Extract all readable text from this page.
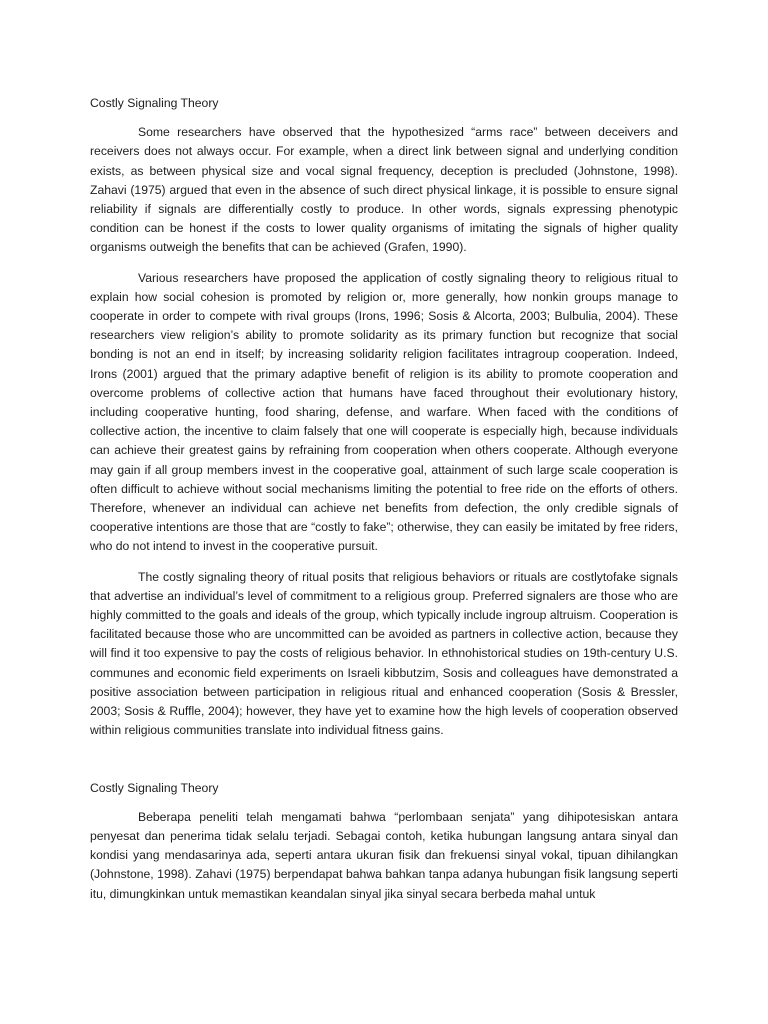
Costly Signaling Theory

Some researchers have observed that the hypothesized “arms race” between deceivers and receivers does not always occur. For example, when a direct link between signal and underlying condition exists, as between physical size and vocal signal frequency, deception is precluded (Johnstone, 1998). Zahavi (1975) argued that even in the absence of such direct physical linkage, it is possible to ensure signal reliability if signals are differentially costly to produce. In other words, signals expressing phenotypic condition can be honest if the costs to lower quality organisms of imitating the signals of higher quality organisms outweigh the benefits that can be achieved (Grafen, 1990).

Various researchers have proposed the application of costly signaling theory to religious ritual to explain how social cohesion is promoted by religion or, more generally, how nonkin groups manage to cooperate in order to compete with rival groups (Irons, 1996; Sosis & Alcorta, 2003; Bulbulia, 2004). These researchers view religion’s ability to promote solidarity as its primary function but recognize that social bonding is not an end in itself; by increasing solidarity religion facilitates intragroup cooperation. Indeed, Irons (2001) argued that the primary adaptive benefit of religion is its ability to promote cooperation and overcome problems of collective action that humans have faced throughout their evolutionary history, including cooperative hunting, food sharing, defense, and warfare. When faced with the conditions of collective action, the incentive to claim falsely that one will cooperate is especially high, because individuals can achieve their greatest gains by refraining from cooperation when others cooperate. Although everyone may gain if all group members invest in the cooperative goal, attainment of such large scale cooperation is often difficult to achieve without social mechanisms limiting the potential to free ride on the efforts of others. Therefore, whenever an individual can achieve net benefits from defection, the only credible signals of cooperative intentions are those that are “costly to fake”; otherwise, they can easily be imitated by free riders, who do not intend to invest in the cooperative pursuit.

The costly signaling theory of ritual posits that religious behaviors or rituals are costlytofake signals that advertise an individual’s level of commitment to a religious group. Preferred signalers are those who are highly committed to the goals and ideals of the group, which typically include ingroup altruism. Cooperation is facilitated because those who are uncommitted can be avoided as partners in collective action, because they will find it too expensive to pay the costs of religious behavior. In ethnohistorical studies on 19th-century U.S. communes and economic field experiments on Israeli kibbutzim, Sosis and colleagues have demonstrated a positive association between participation in religious ritual and enhanced cooperation (Sosis & Bressler, 2003; Sosis & Ruffle, 2004); however, they have yet to examine how the high levels of cooperation observed within religious communities translate into individual fitness gains.

Costly Signaling Theory

Beberapa peneliti telah mengamati bahwa “perlombaan senjata” yang dihipotesiskan antara penyesat dan penerima tidak selalu terjadi. Sebagai contoh, ketika hubungan langsung antara sinyal dan kondisi yang mendasarinya ada, seperti antara ukuran fisik dan frekuensi sinyal vokal, tipuan dihilangkan (Johnstone, 1998). Zahavi (1975) berpendapat bahwa bahkan tanpa adanya hubungan fisik langsung seperti itu, dimungkinkan untuk memastikan keandalan sinyal jika sinyal secara berbeda mahal untuk
